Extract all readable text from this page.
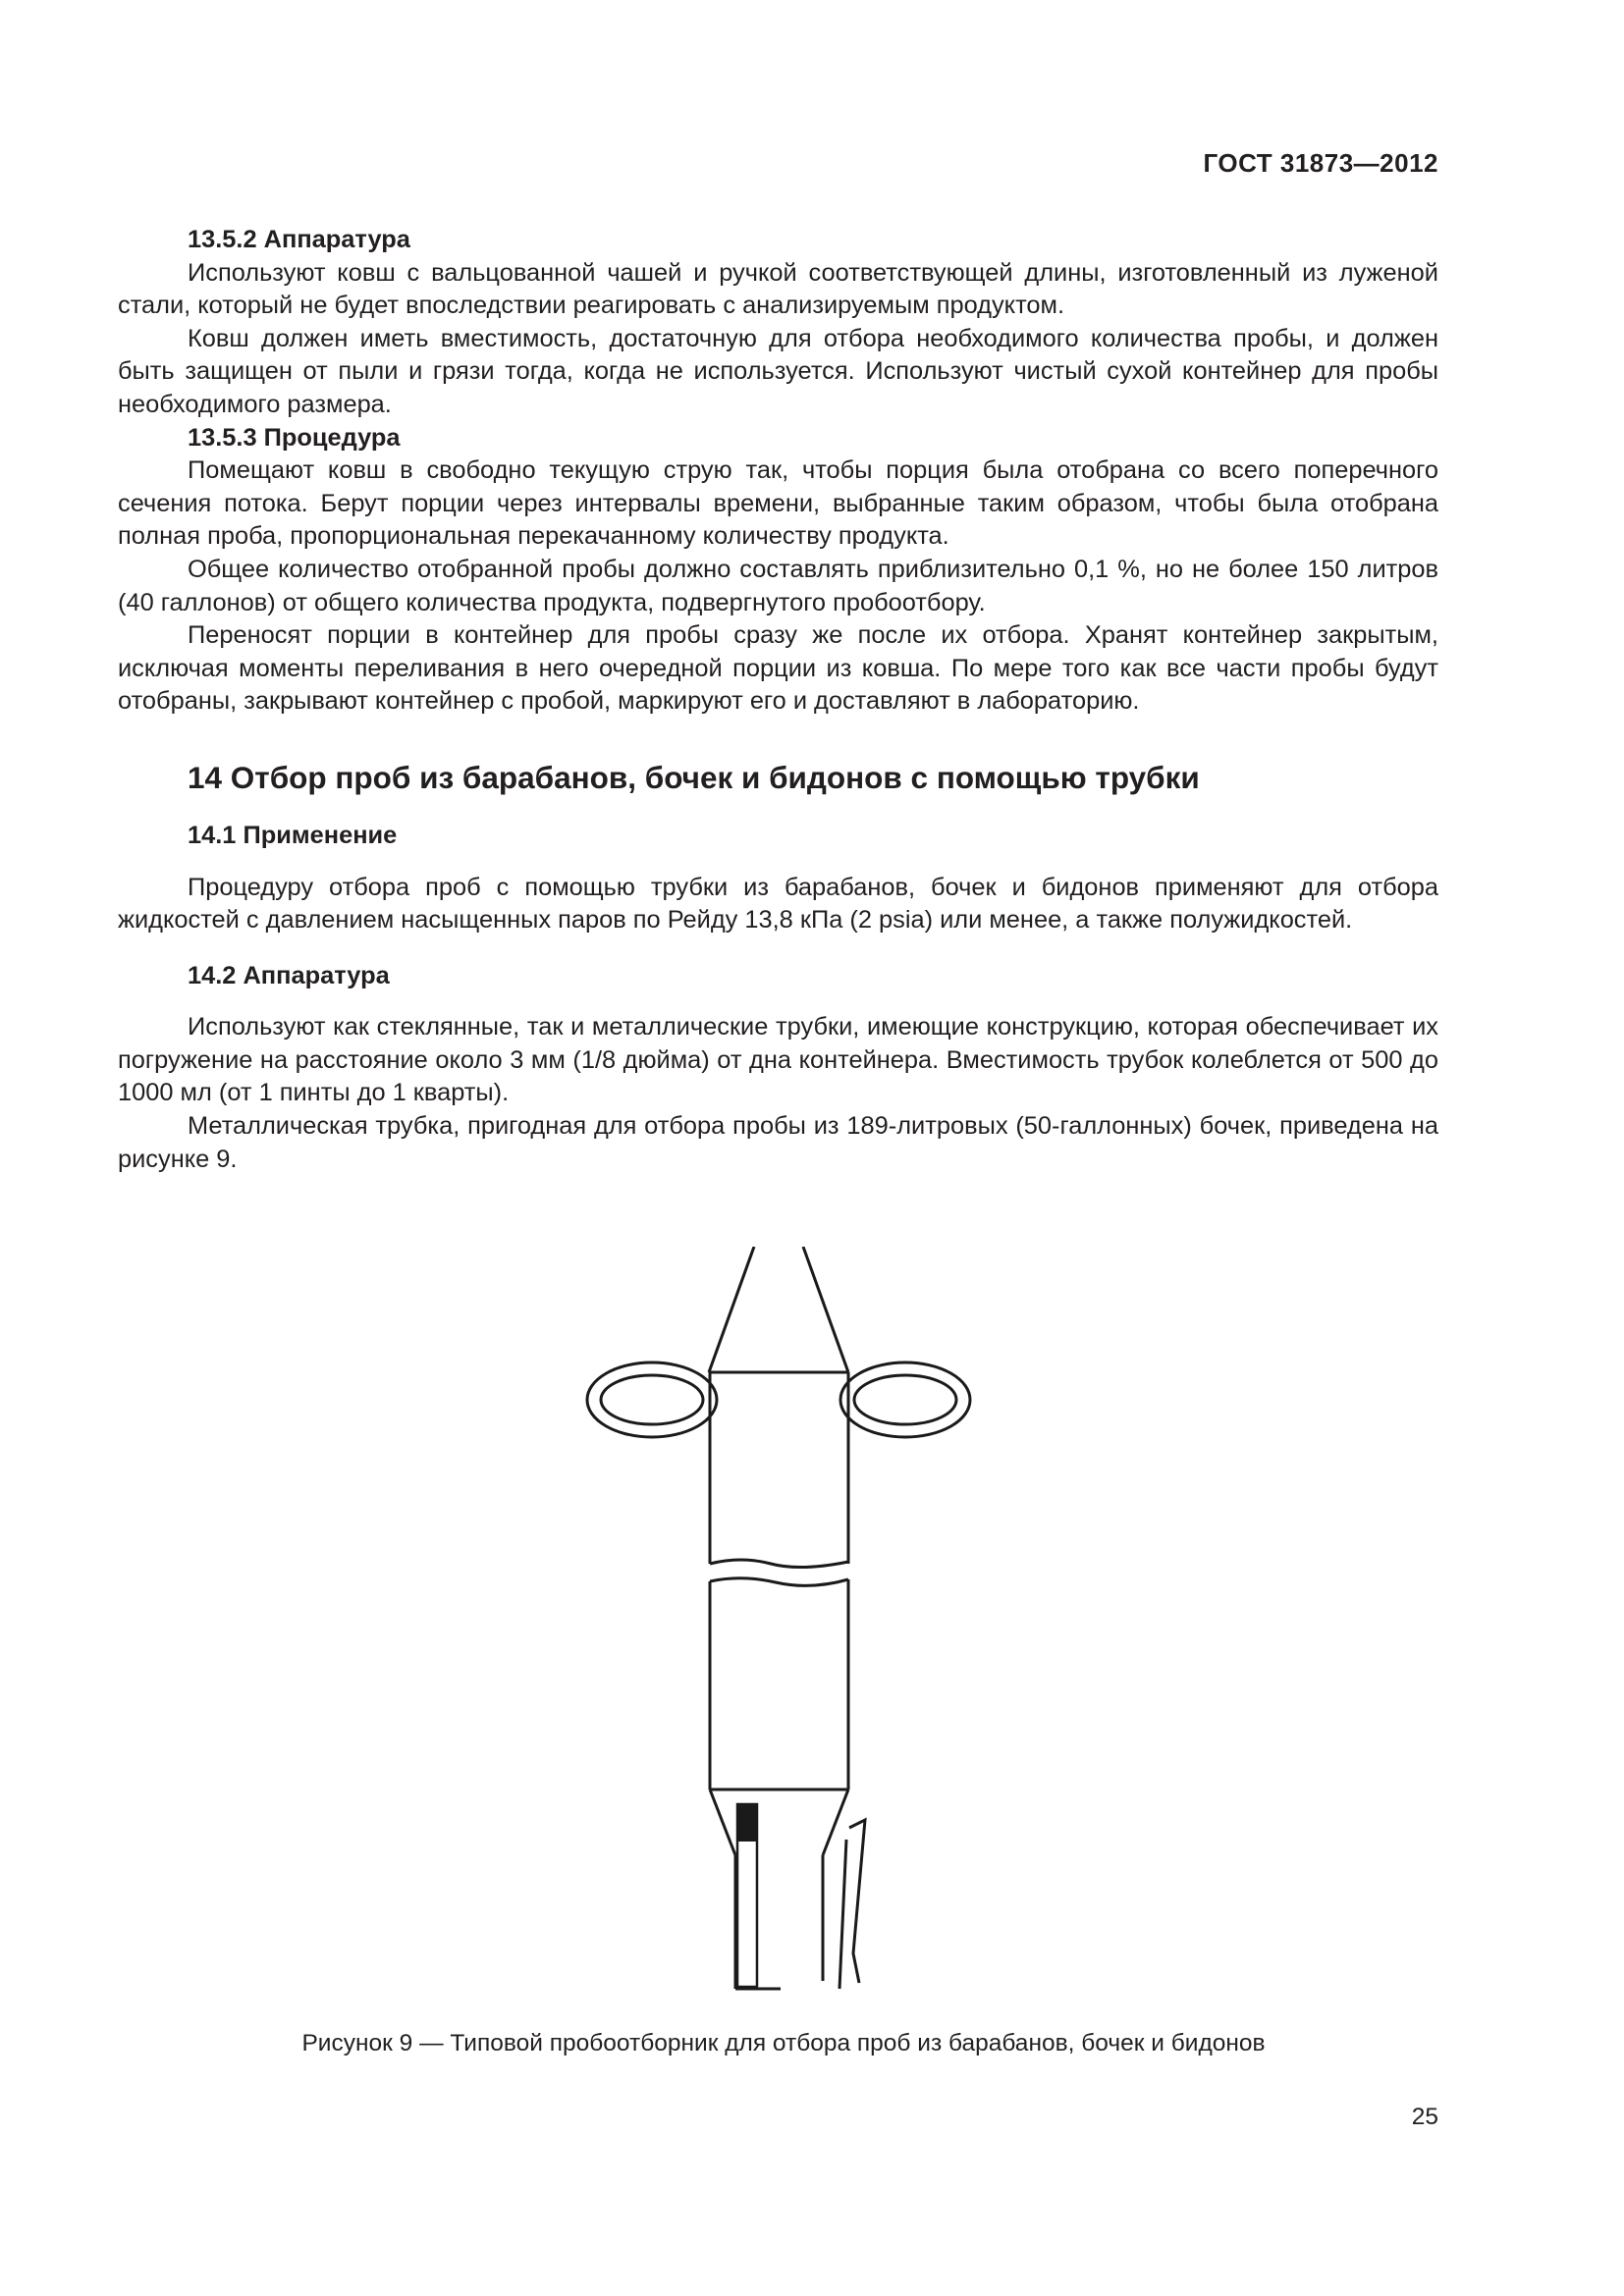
ГОСТ 31873—2012
13.5.2 Аппаратура

Используют ковш с вальцованной чашей и ручкой соответствующей длины, изготовленный из луженой стали, который не будет впоследствии реагировать с анализируемым продуктом.

Ковш должен иметь вместимость, достаточную для отбора необходимого количества пробы, и должен быть защищен от пыли и грязи тогда, когда не используется. Используют чистый сухой контейнер для пробы необходимого размера.

13.5.3 Процедура

Помещают ковш в свободно текущую струю так, чтобы порция была отобрана со всего поперечного сечения потока. Берут порции через интервалы времени, выбранные таким образом, чтобы была отобрана полная проба, пропорциональная перекачанному количеству продукта.

Общее количество отобранной пробы должно составлять приблизительно 0,1 %, но не более 150 литров (40 галлонов) от общего количества продукта, подвергнутого пробоотбору.

Переносят порции в контейнер для пробы сразу же после их отбора. Хранят контейнер закрытым, исключая моменты переливания в него очередной порции из ковша. По мере того как все части пробы будут отобраны, закрывают контейнер с пробой, маркируют его и доставляют в лабораторию.

14 Отбор проб из барабанов, бочек и бидонов с помощью трубки
14.1 Применение

Процедуру отбора проб с помощью трубки из барабанов, бочек и бидонов применяют для отбора жидкостей с давлением насыщенных паров по Рейду 13,8 кПа (2 psia) или менее, а также полужидкостей.

14.2 Аппаратура

Используют как стеклянные, так и металлические трубки, имеющие конструкцию, которая обеспечивает их погружение на расстояние около 3 мм (1/8 дюйма) от дна контейнера. Вместимость трубок колеблется от 500 до 1000 мл (от 1 пинты до 1 кварты).

Металлическая трубка, пригодная для отбора пробы из 189-литровых (50-галлонных) бочек, приведена на рисунке 9.

Рисунок 9 — Типовой пробоотборник для отбора проб из барабанов, бочек и бидонов
25
